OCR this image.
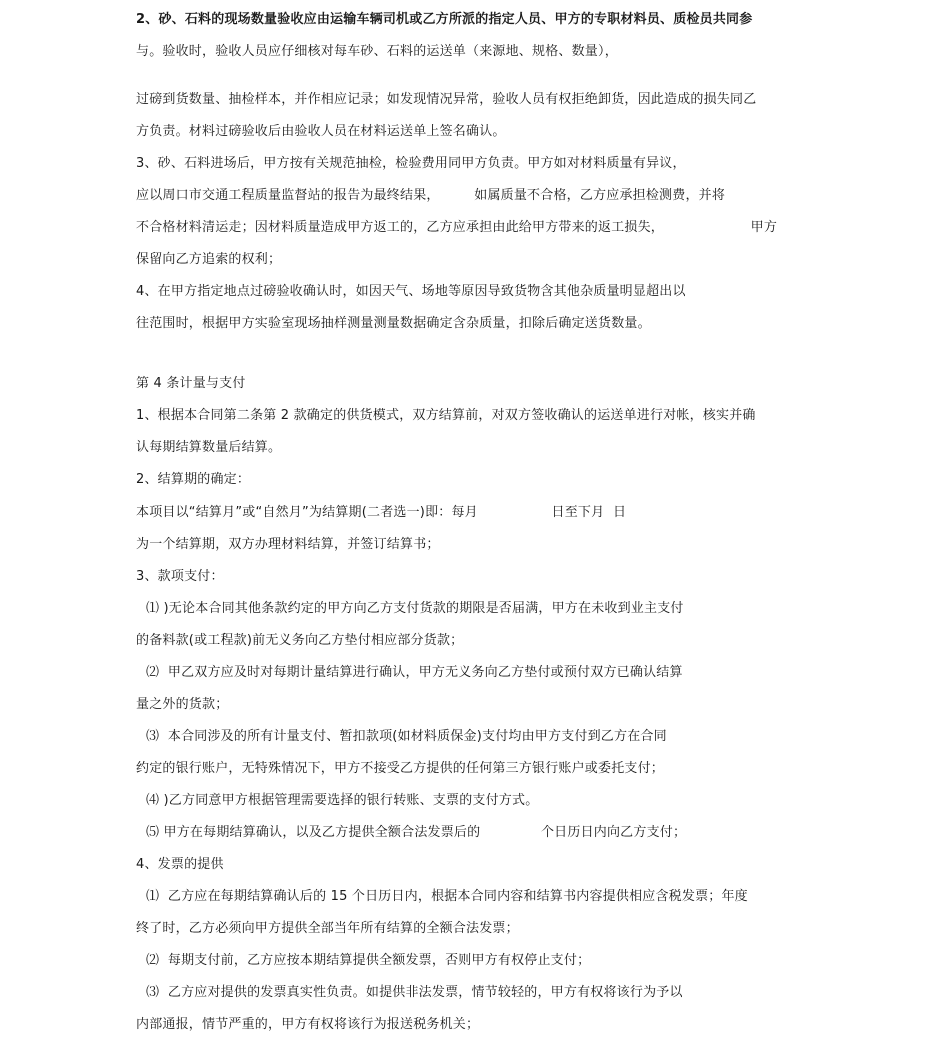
2、砂、石料的现场数量验收应由运输车辆司机或乙方所派的指定人员、甲方的专职材料员、质检员共同参
与。验收时，验收人员应仔细核对每车砂、石料的运送单（来源地、规格、数量），
过磅到货数量、抽检样本，并作相应记录；如发现情况异常，验收人员有权拒绝卸货，因此造成的损失同乙
方负责。材料过磅验收后由验收人员在材料运送单上签名确认。
3、砂、石料进场后，甲方按有关规范抽检，检验费用同甲方负责。甲方如对材料质量有异议，
应以周口市交通工程质量监督站的报告为最终结果，        如属质量不合格，乙方应承担检测费，并将
不合格材料清运走；因材料质量造成甲方返工的，乙方应承担由此给甲方带来的返工损失，                    甲方
保留向乙方追索的权利；
4、在甲方指定地点过磅验收确认时，如因天气、场地等原因导致货物含其他杂质量明显超出以
往范围时，根据甲方实验室现场抽样测量测量数据确定含杂质量，扣除后确定送货数量。
第 4 条计量与支付
1、根据本合同第二条第 2 款确定的供货模式，双方结算前，对双方签收确认的运送单进行对帐，核实并确
认每期结算数量后结算。
2、结算期的确定：
本项目以“结算月”或“自然月”为结算期(二者选一)即：每月                 日至下月  日
为一个结算期，双方办理材料结算，并签订结算书；
3、款项支付：
⑴ )无论本合同其他条款约定的甲方向乙方支付货款的期限是否届满，甲方在未收到业主支付
的备料款(或工程款)前无义务向乙方垫付相应部分货款；
⑵  甲乙双方应及时对每期计量结算进行确认，甲方无义务向乙方垫付或预付双方已确认结算
量之外的货款；
⑶  本合同涉及的所有计量支付、暂扣款项(如材料质保金)支付均由甲方支付到乙方在合同
约定的银行账户，无特殊情况下，甲方不接受乙方提供的任何第三方银行账户或委托支付；
⑷ )乙方同意甲方根据管理需要选择的银行转账、支票的支付方式。
⑸ 甲方在每期结算确认，以及乙方提供全额合法发票后的              个日历日内向乙方支付；
4、发票的提供
⑴  乙方应在每期结算确认后的 15 个日历日内，根据本合同内容和结算书内容提供相应含税发票；年度
终了时，乙方必须向甲方提供全部当年所有结算的全额合法发票；
⑵  每期支付前，乙方应按本期结算提供全额发票，否则甲方有权停止支付；
⑶  乙方应对提供的发票真实性负责。如提供非法发票，情节较轻的，甲方有权将该行为予以
内部通报，情节严重的，甲方有权将该行为报送税务机关；
